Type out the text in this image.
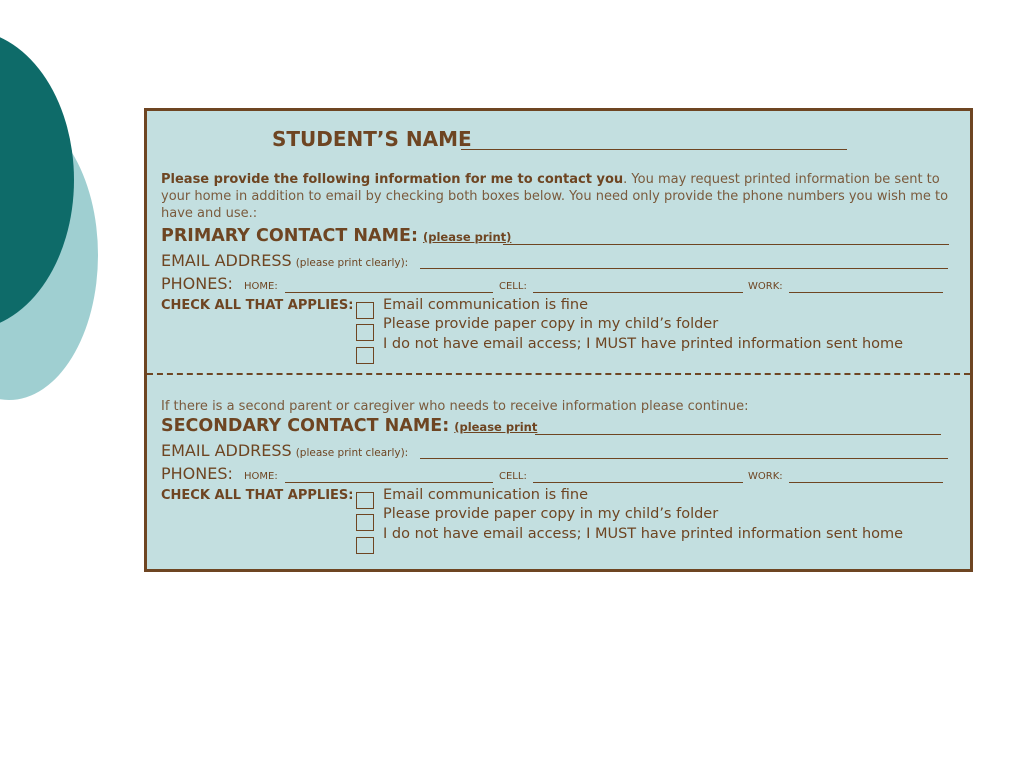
STUDENT’S NAME
Please provide the following information for me to contact you. You may request printed information be sent to your home in addition to email by checking both boxes below. You need only provide the phone numbers you wish me to have and use.:
PRIMARY CONTACT NAME: (please print)
EMAIL ADDRESS (please print clearly):
PHONES: HOME:	CELL:	WORK:
CHECK ALL THAT APPLIES: Email communication is fine
Please provide paper copy in my child’s folder
I do not have email access; I MUST have printed information sent home
If there is a second parent or caregiver who needs to receive information please continue:
SECONDARY CONTACT NAME: (please print
EMAIL ADDRESS (please print clearly):
PHONES: HOME:	CELL:	WORK:
CHECK ALL THAT APPLIES: Email communication is fine
Please provide paper copy in my child’s folder
I do not have email access; I MUST have printed information sent home
